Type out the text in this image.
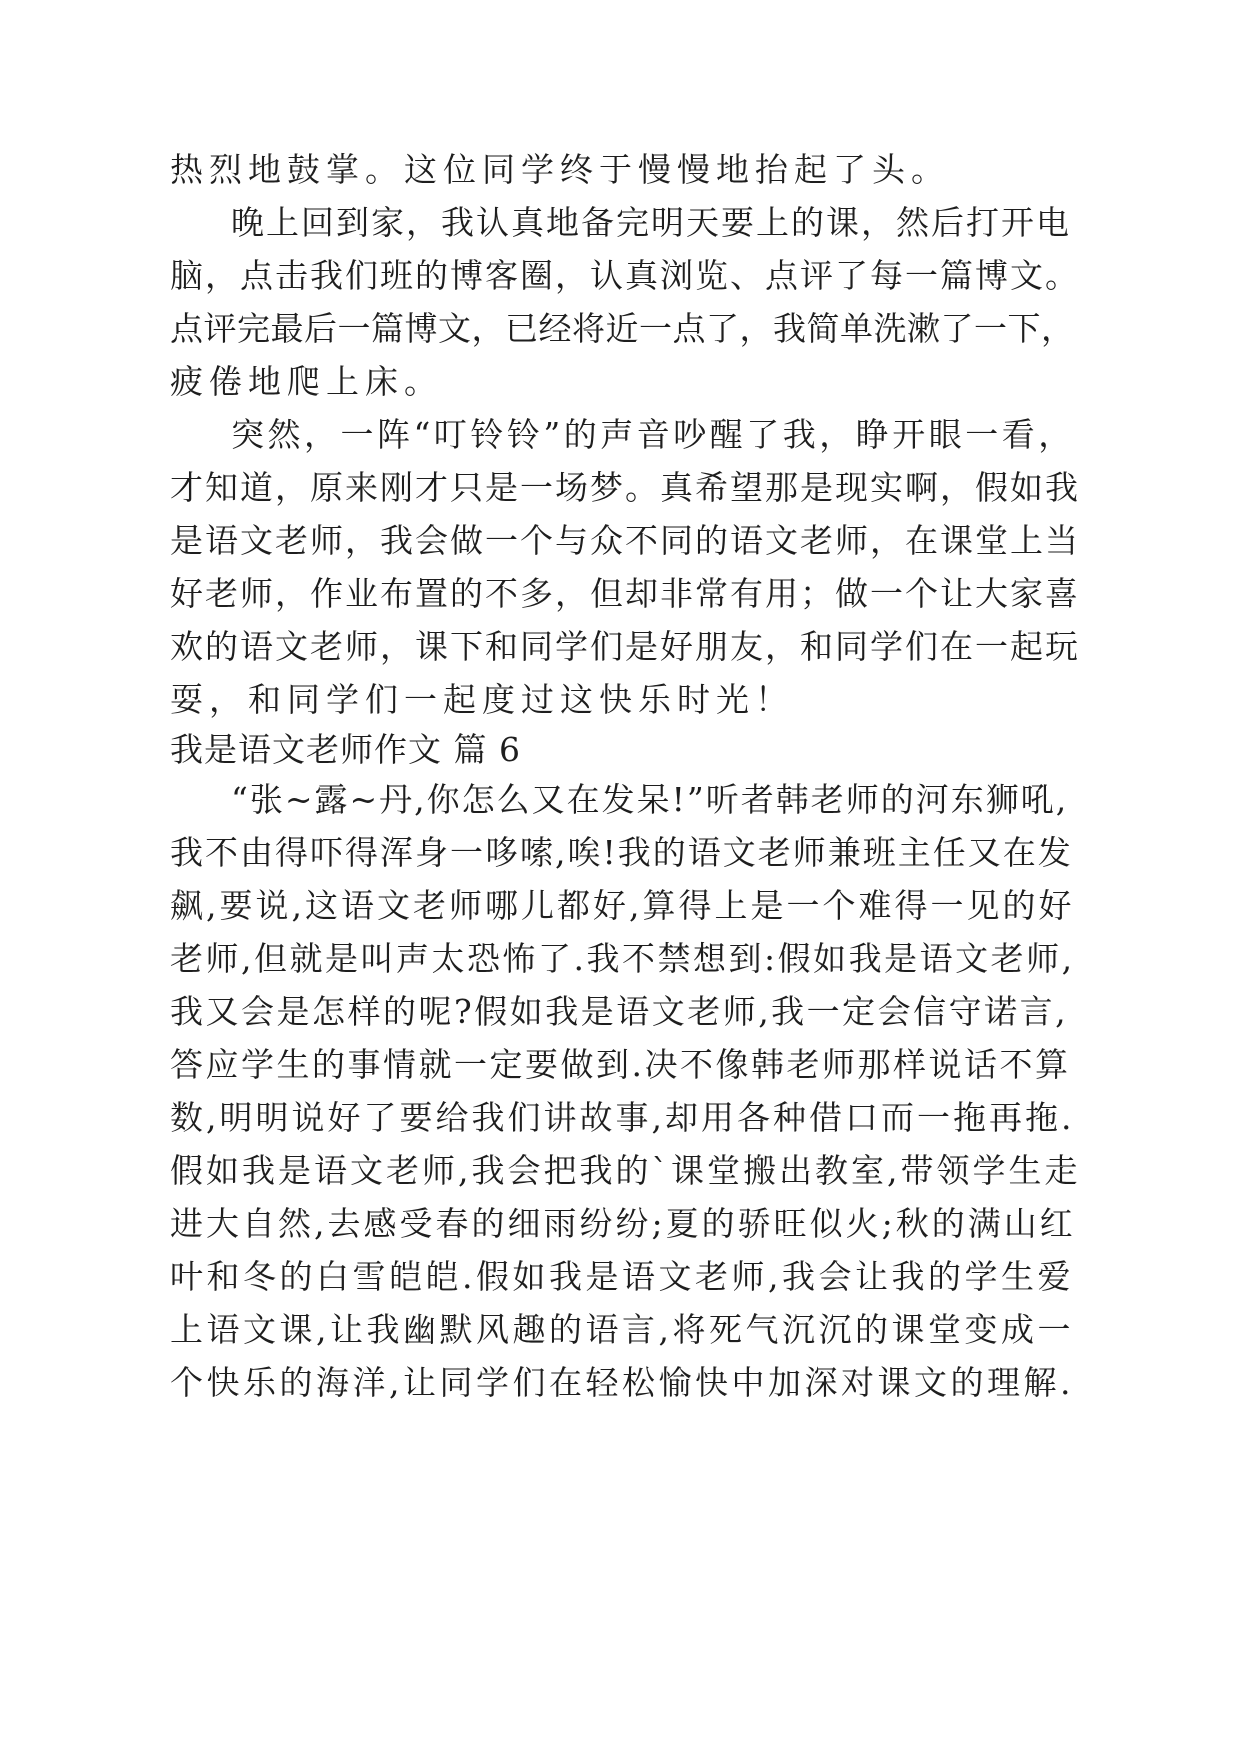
热烈地鼓掌。这位同学终于慢慢地抬起了头。
晚上回到家，我认真地备完明天要上的课，然后打开电
脑，点击我们班的博客圈，认真浏览、点评了每一篇博文。
点评完最后一篇博文，已经将近一点了，我简单洗漱了一下，
疲倦地爬上床。
突然，一阵“叮铃铃”的声音吵醒了我，睁开眼一看，
才知道，原来刚才只是一场梦。真希望那是现实啊，假如我
是语文老师，我会做一个与众不同的语文老师，在课堂上当
好老师，作业布置的不多，但却非常有用；做一个让大家喜
欢的语文老师，课下和同学们是好朋友，和同学们在一起玩
耍，和同学们一起度过这快乐时光！
我是语文老师作文 篇 6
“张~露~丹,你怎么又在发呆!”听者韩老师的河东狮吼,
我不由得吓得浑身一哆嗦,唉!我的语文老师兼班主任又在发
飙,要说,这语文老师哪儿都好,算得上是一个难得一见的好
老师,但就是叫声太恐怖了.我不禁想到:假如我是语文老师,
我又会是怎样的呢?假如我是语文老师,我一定会信守诺言,
答应学生的事情就一定要做到.决不像韩老师那样说话不算
数,明明说好了要给我们讲故事,却用各种借口而一拖再拖.
假如我是语文老师,我会把我的`课堂搬出教室,带领学生走
进大自然,去感受春的细雨纷纷;夏的骄旺似火;秋的满山红
叶和冬的白雪皑皑.假如我是语文老师,我会让我的学生爱
上语文课,让我幽默风趣的语言,将死气沉沉的课堂变成一
个快乐的海洋,让同学们在轻松愉快中加深对课文的理解.
